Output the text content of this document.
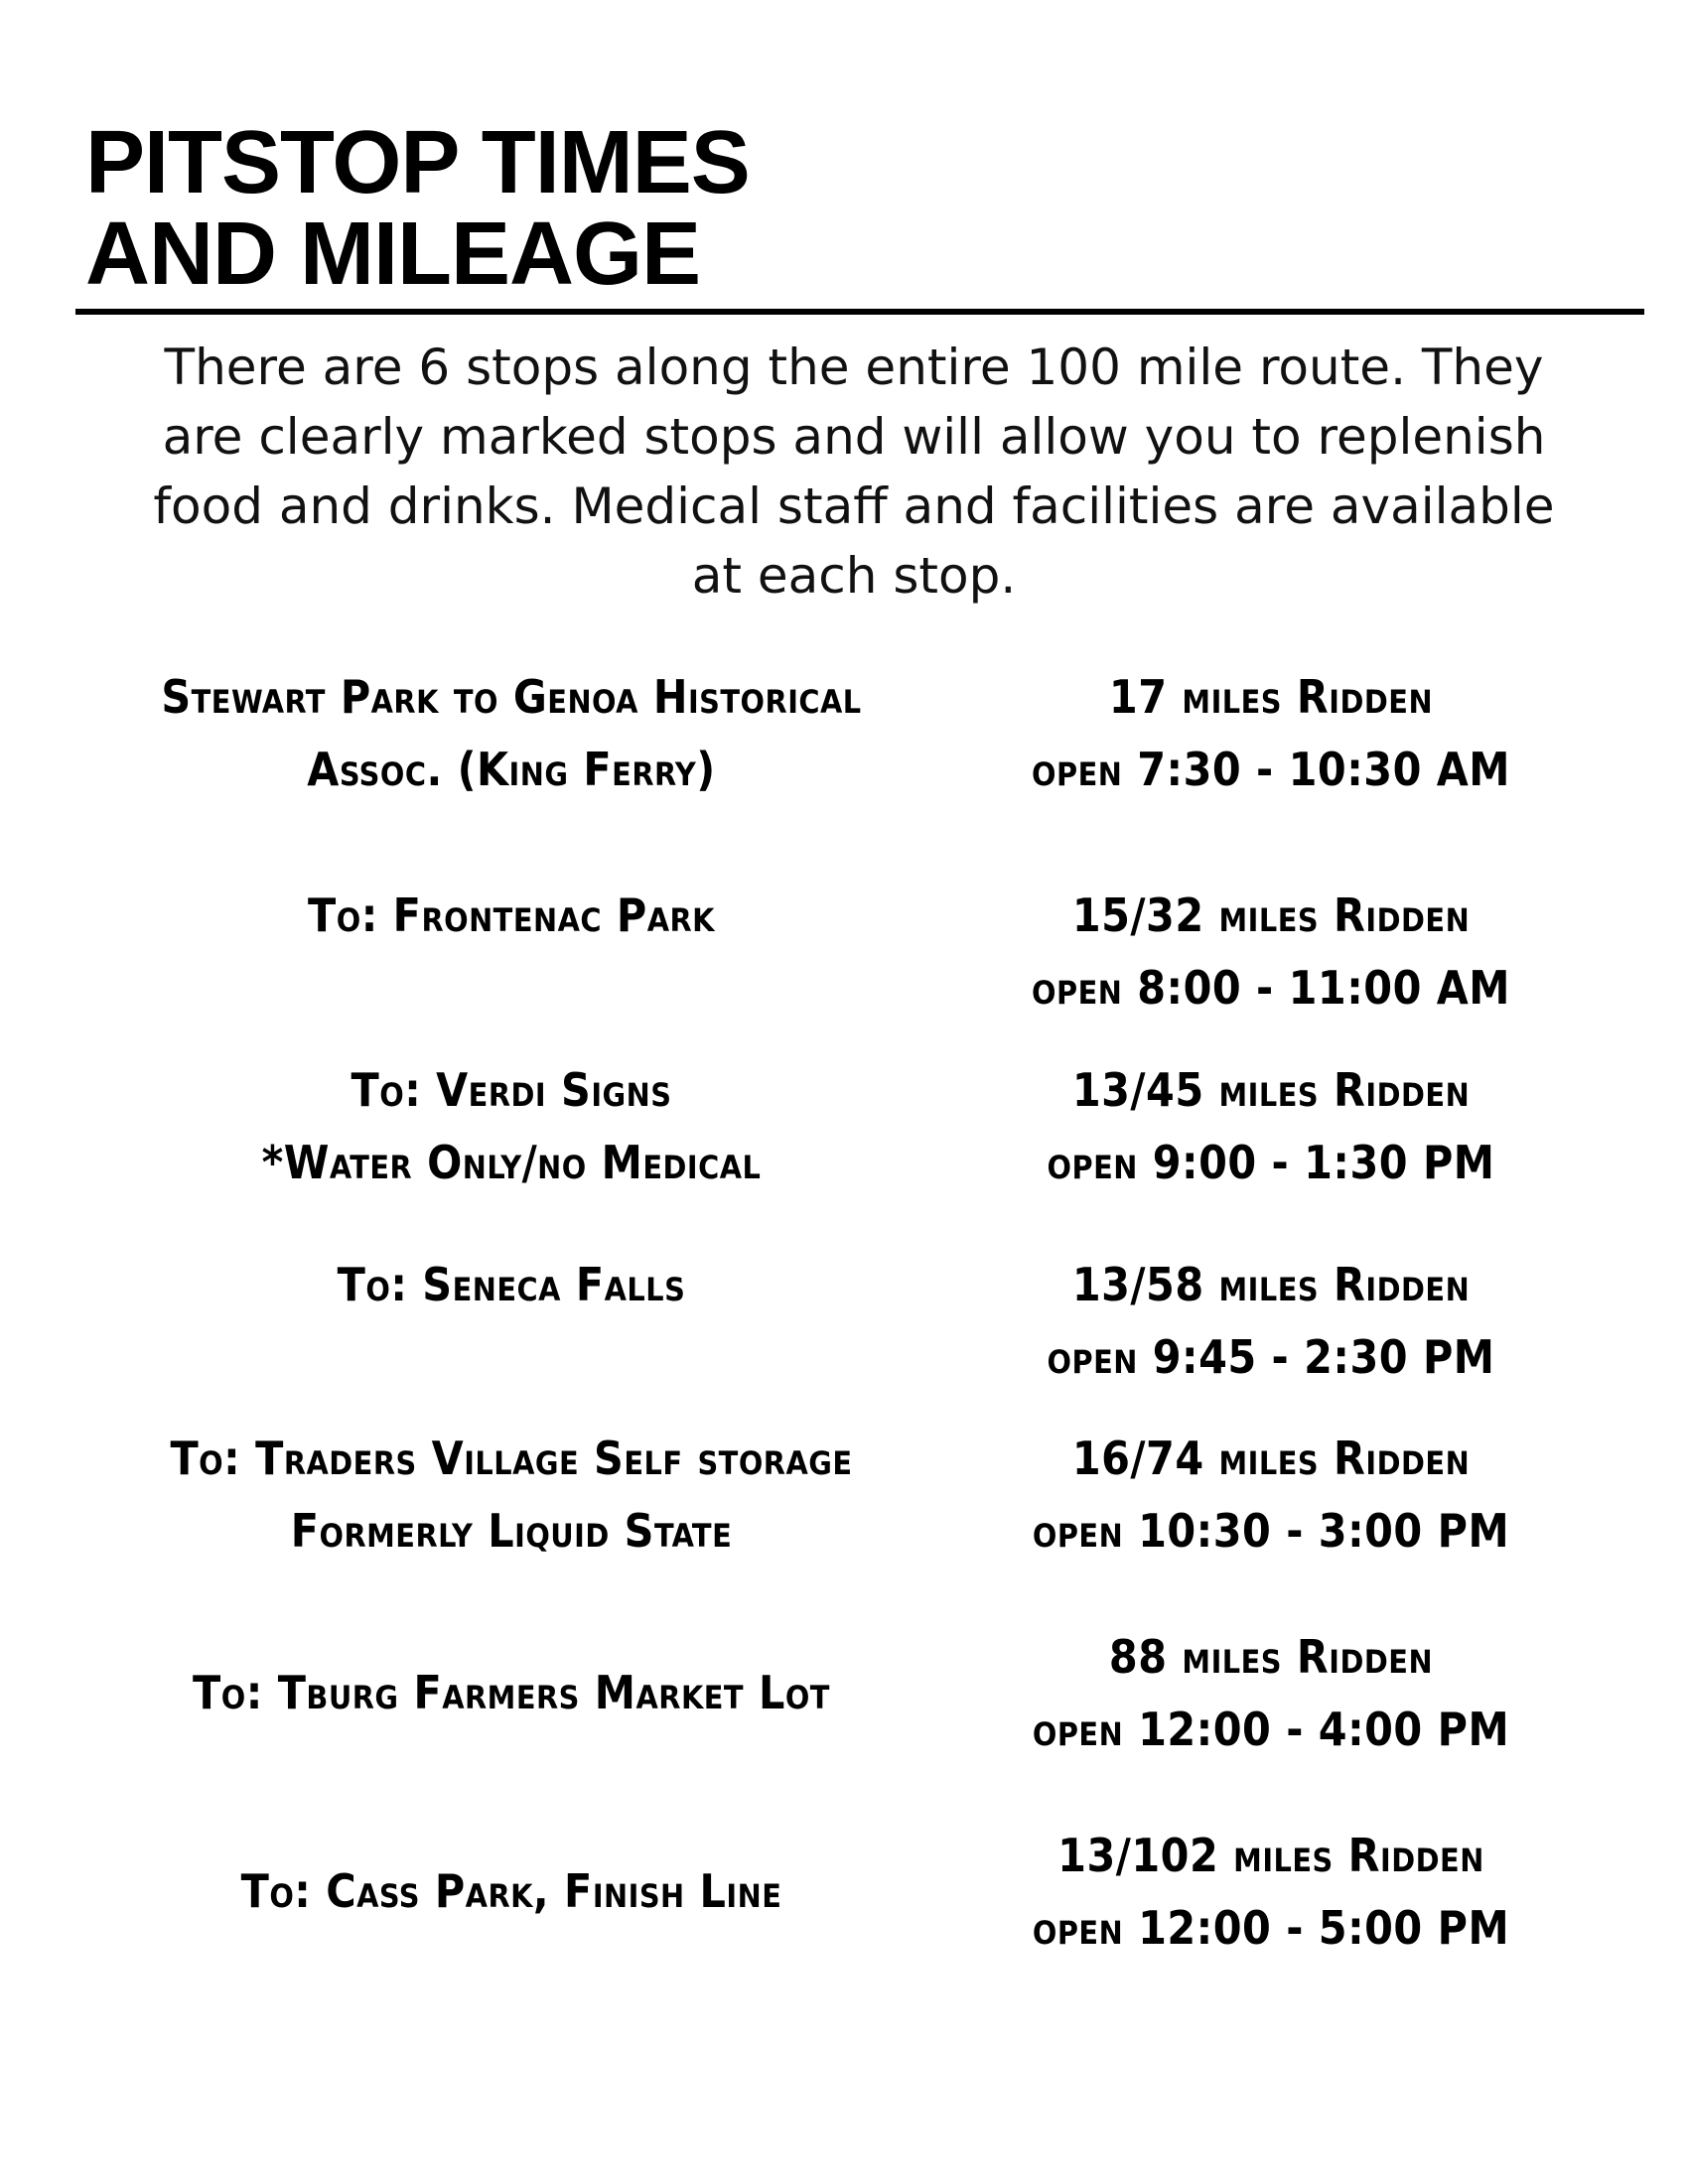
PITSTOP TIMES
AND MILEAGE

There are 6 stops along the entire 100 mile route. They are clearly marked stops and will allow you to replenish food and drinks. Medical staff and facilities are available at each stop.

Stewart Park to Genoa Historical
Assoc. (King Ferry)
17 miles Ridden
open 7:30 - 10:30 AM
To: Frontenac Park	15/32 miles Ridden
open 8:00 - 11:00 AM
To: Verdi Signs
*Water Only/no Medical
13/45 miles Ridden
open 9:00 - 1:30 PM
To: Seneca Falls	13/58 miles Ridden
open 9:45 - 2:30 PM
To: Traders Village Self storage
Formerly Liquid State
16/74 miles Ridden
open 10:30 - 3:00 PM
To: Tburg Farmers Market Lot
88 miles Ridden
open 12:00 - 4:00 PM
To: Cass Park, Finish Line
13/102 miles Ridden
open 12:00 - 5:00 PM
